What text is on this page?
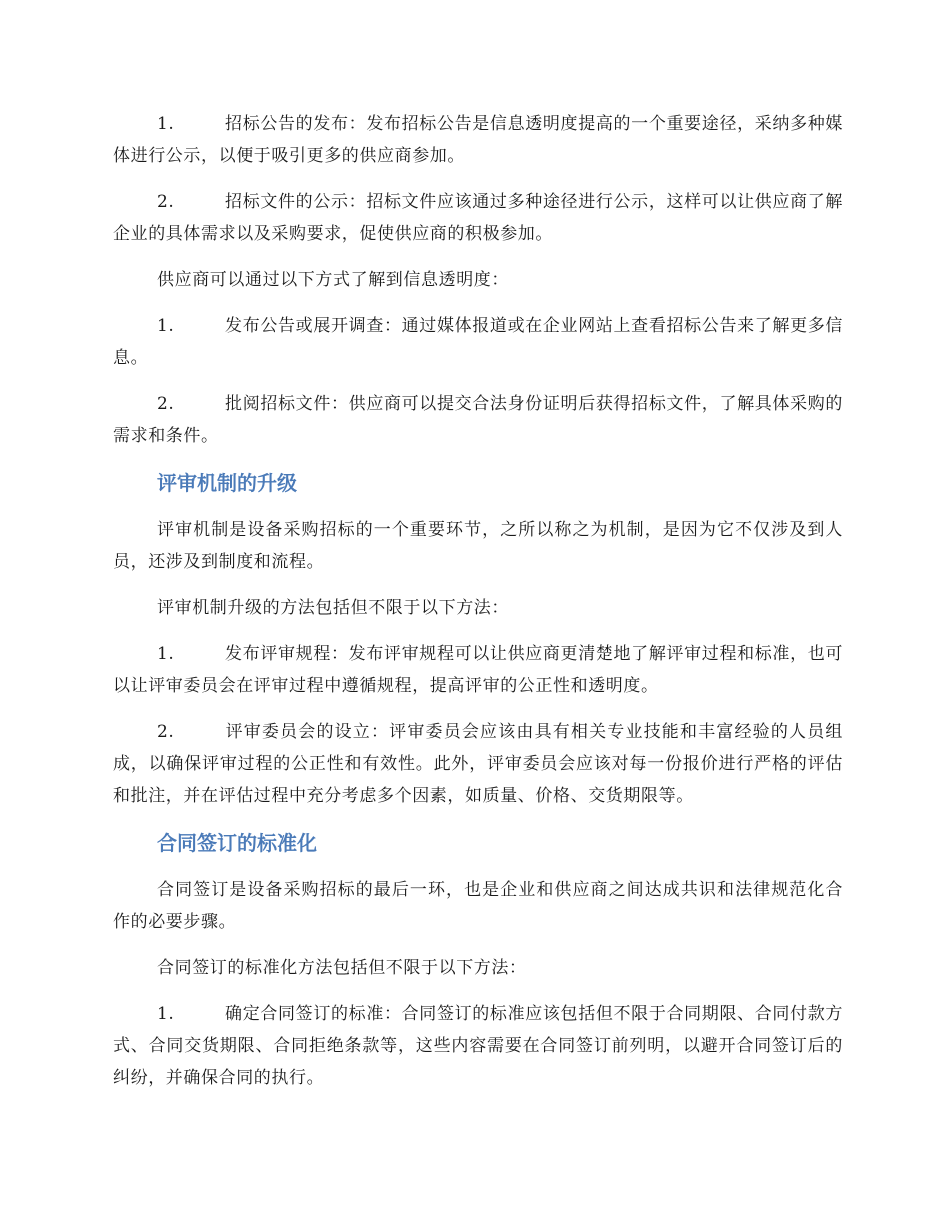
1.	招标公告的发布：发布招标公告是信息透明度提高的一个重要途径，采纳多种媒体进行公示，以便于吸引更多的供应商参加。

2.	招标文件的公示：招标文件应该通过多种途径进行公示，这样可以让供应商了解企业的具体需求以及采购要求，促使供应商的积极参加。

供应商可以通过以下方式了解到信息透明度：

1.	发布公告或展开调查：通过媒体报道或在企业网站上查看招标公告来了解更多信息。

2.	批阅招标文件：供应商可以提交合法身份证明后获得招标文件，了解具体采购的需求和条件。

评审机制的升级

评审机制是设备采购招标的一个重要环节，之所以称之为机制，是因为它不仅涉及到人员，还涉及到制度和流程。

评审机制升级的方法包括但不限于以下方法：

1.	发布评审规程：发布评审规程可以让供应商更清楚地了解评审过程和标准，也可以让评审委员会在评审过程中遵循规程，提高评审的公正性和透明度。

2.	评审委员会的设立：评审委员会应该由具有相关专业技能和丰富经验的人员组成，以确保评审过程的公正性和有效性。此外，评审委员会应该对每一份报价进行严格的评估和批注，并在评估过程中充分考虑多个因素，如质量、价格、交货期限等。

合同签订的标准化

合同签订是设备采购招标的最后一环，也是企业和供应商之间达成共识和法律规范化合作的必要步骤。

合同签订的标准化方法包括但不限于以下方法：

1.	确定合同签订的标准：合同签订的标准应该包括但不限于合同期限、合同付款方式、合同交货期限、合同拒绝条款等，这些内容需要在合同签订前列明，以避开合同签订后的纠纷，并确保合同的执行。
